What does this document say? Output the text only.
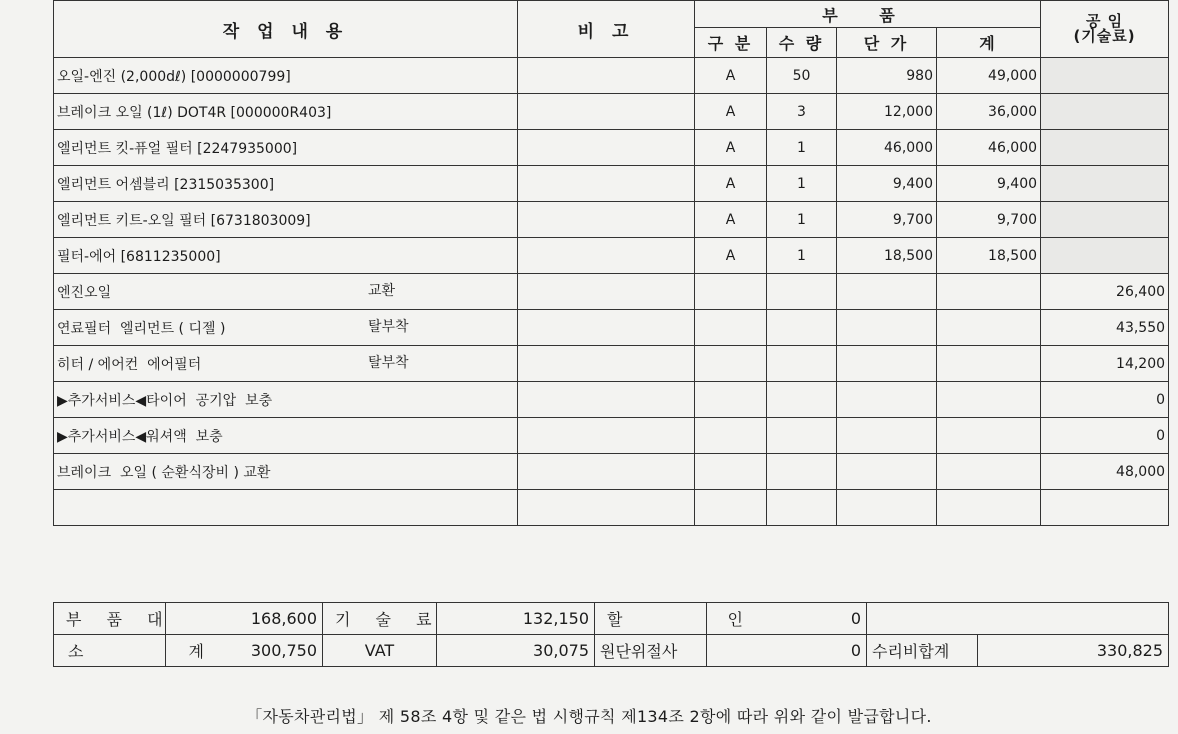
작 업 내 용	비 고	부 품				공 임
(기술료)

		구 분	수 량	단 가	계	
오일-엔진 (2,000dℓ) [0000000799]		A	50	980	49,000	
브레이크 오일 (1ℓ) DOT4R [000000R403]		A	3	12,000	36,000	
엘리먼트 킷-퓨얼 필터 [2247935000]		A	1	46,000	46,000	
엘리먼트 어셈블리 [2315035300]		A	1	9,400	9,400	
엘리먼트 키트-오일 필터 [6731803009]		A	1	9,700	9,700	
필터-에어 [6811235000]		A	1	18,500	18,500	
엔진오일 교환						26,400
연료필터  엘리먼트 ( 디젤 ) 탈부착						43,550
히터 / 에어컨  에어필터 탈부착						14,200
▶추가서비스◀타이어  공기압  보충						0
▶추가서비스◀워셔액  보충						0
브레이크  오일 ( 순환식장비 ) 교환						48,000

부 품 대	168,600	기 술 료	132,150	할 인	0		
소 계	300,750	VAT	30,075	원단위절사	0	수리비합계	330,825
「자동차관리법」 제 58조 4항 및 같은 법 시행규칙 제134조 2항에 따라 위와 같이 발급합니다.
